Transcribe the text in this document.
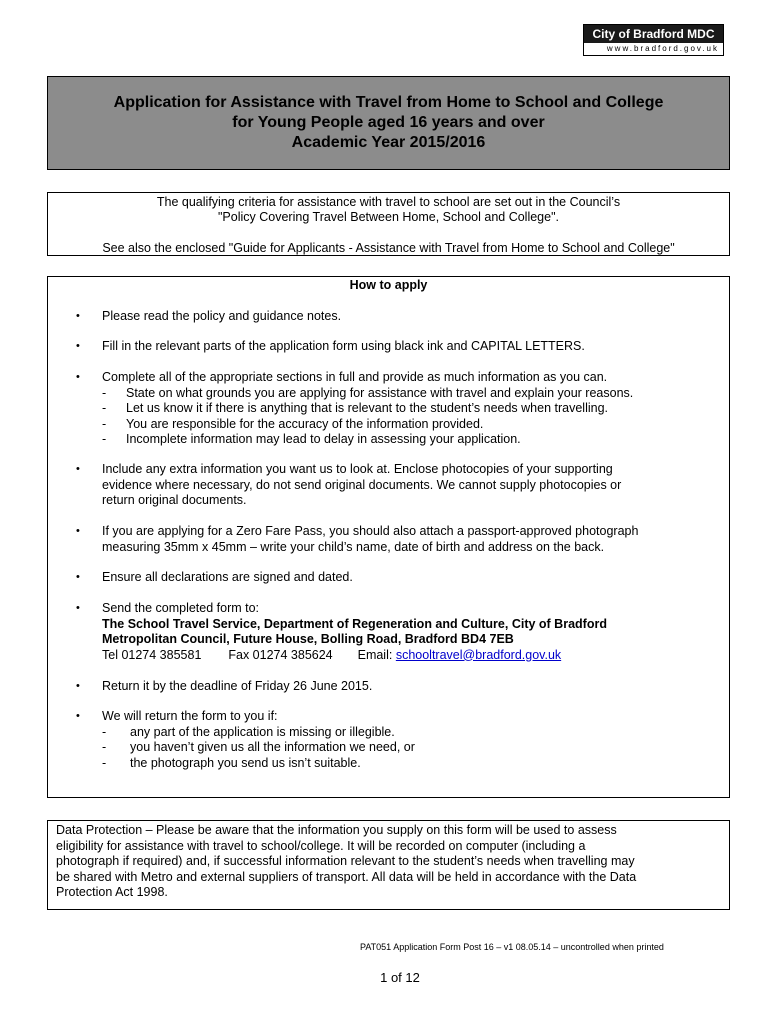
City of Bradford MDC
www.bradford.gov.uk
Application for Assistance with Travel from Home to School and College
for Young People aged 16 years and over
Academic Year 2015/2016
The qualifying criteria for assistance with travel to school are set out in the Council’s
"Policy Covering Travel Between Home, School and College".
See also the enclosed "Guide for Applicants - Assistance with Travel from Home to School and College"
How to apply
• Please read the policy and guidance notes.
• Fill in the relevant parts of the application form using black ink and CAPITAL LETTERS.
• Complete all of the appropriate sections in full and provide as much information as you can.
- State on what grounds you are applying for assistance with travel and explain your reasons.
- Let us know it if there is anything that is relevant to the student’s needs when travelling.
- You are responsible for the accuracy of the information provided.
- Incomplete information may lead to delay in assessing your application.
• Include any extra information you want us to look at. Enclose photocopies of your supporting
evidence where necessary, do not send original documents. We cannot supply photocopies or
return original documents.
• If you are applying for a Zero Fare Pass, you should also attach a passport-approved photograph
measuring 35mm x 45mm – write your child’s name, date of birth and address on the back.
• Ensure all declarations are signed and dated.
• Send the completed form to:
The School Travel Service, Department of Regeneration and Culture, City of Bradford
Metropolitan Council, Future House, Bolling Road, Bradford BD4 7EB
Tel 01274 385581 Fax 01274 385624 Email: schooltravel@bradford.gov.uk
• Return it by the deadline of Friday 26 June 2015.
• We will return the form to you if:
- any part of the application is missing or illegible.
- you haven’t given us all the information we need, or
- the photograph you send us isn’t suitable.
Data Protection – Please be aware that the information you supply on this form will be used to assess
eligibility for assistance with travel to school/college. It will be recorded on computer (including a
photograph if required) and, if successful information relevant to the student’s needs when travelling may
be shared with Metro and external suppliers of transport. All data will be held in accordance with the Data
Protection Act 1998.
PAT051 Application Form Post 16 – v1 08.05.14 – uncontrolled when printed
1 of 12
